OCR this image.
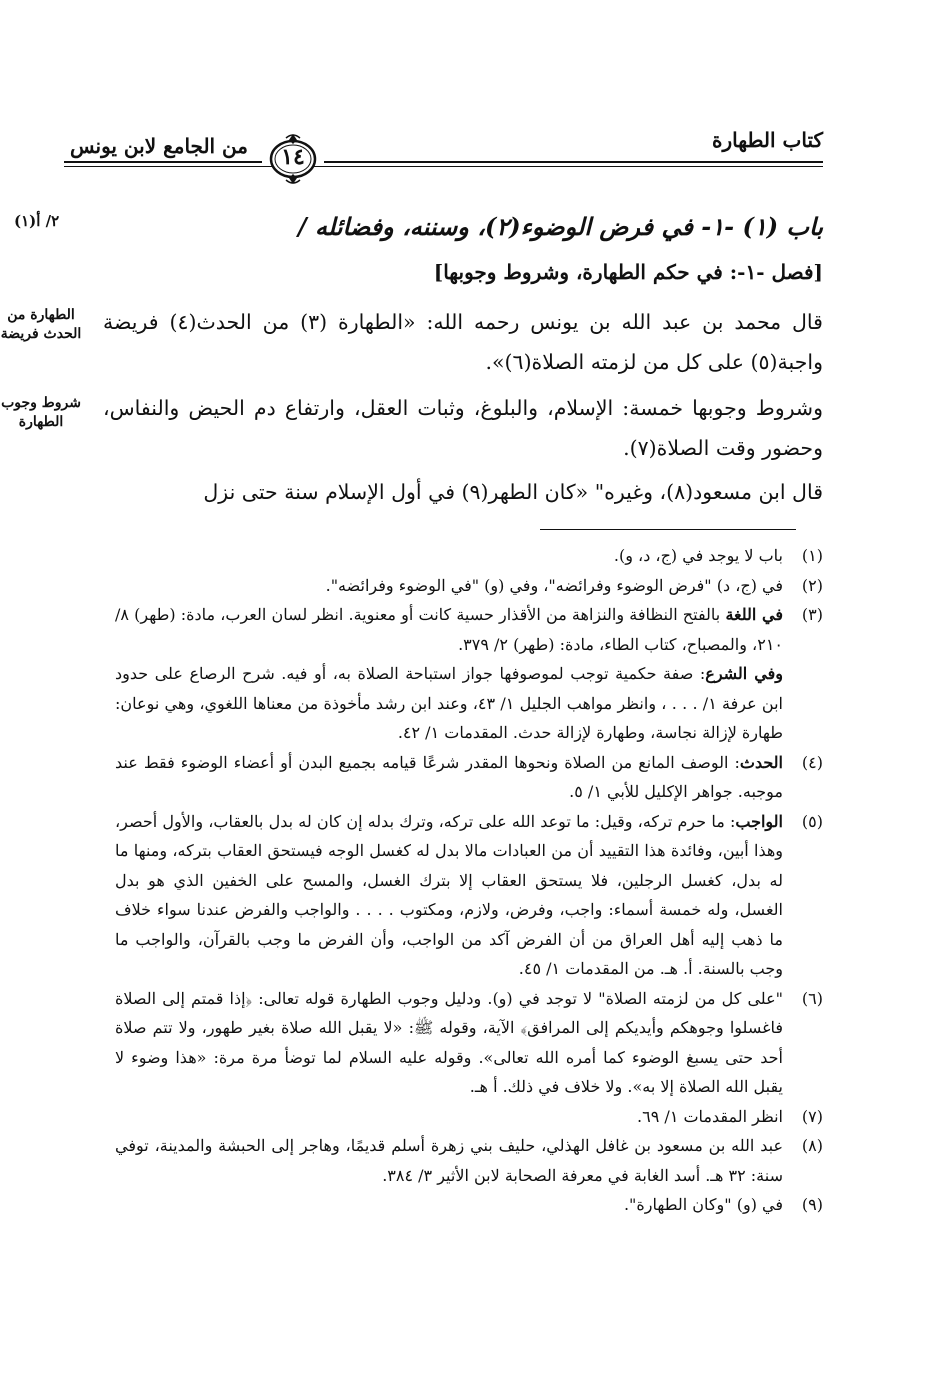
كتاب الطهارة
من الجامع لابن يونس	١٤
٢/ أ(١)
الطهارة من الحدث فريضة
شروط وجوب الطهارة
باب (١) -١- في فرض الوضوء(٢)، وسننه، وفضائله /
[فصل -١-: في حكم الطهارة، وشروط وجوبها]
قال محمد بن عبد الله بن يونس رحمه الله: «الطهارة (٣) من الحدث(٤) فريضة واجبة(٥) على كل من لزمته الصلاة(٦)».
وشروط وجوبها خمسة: الإسلام، والبلوغ، وثبات العقل، وارتفاع دم الحيض والنفاس، وحضور وقت الصلاة(٧).
قال ابن مسعود(٨)، وغيره" «كان الطهر(٩) في أول الإسلام سنة حتى نزل
(١)
باب لا يوجد في (ج، د، و).
(٢)
في (ج، د) "فرض الوضوء وفرائضه"، وفي (و) "في الوضوء وفرائضه".
(٣)
في اللغة بالفتح النظافة والنزاهة من الأقذار حسية كانت أو معنوية. انظر لسان العرب، مادة: (طهر) ٨/ ٢١٠، والمصباح، كتاب الطاء، مادة: (طهر) ٢/ ٣٧٩.
وفي الشرع: صفة حكمية توجب لموصوفها جواز استباحة الصلاة به، أو فيه. شرح الرصاع على حدود ابن عرفة ١/ . . . ، وانظر مواهب الجليل ١/ ٤٣، وعند ابن رشد مأخوذة من معناها اللغوي، وهي نوعان: طهارة لإزالة نجاسة، وطهارة لإزالة حدث. المقدمات ١/ ٤٢.
(٤)
الحدث: الوصف المانع من الصلاة ونحوها المقدر شرعًا قيامه بجميع البدن أو أعضاء الوضوء فقط عند موجبه. جواهر الإكليل للأبي ١/ ٥.
(٥)
الواجب: ما حرم تركه، وقيل: ما توعد الله على تركه، وترك بدله إن كان له بدل بالعقاب، والأول أحصر، وهذا أبين، وفائدة هذا التقييد أن من العبادات مالا بدل له كغسل الوجه فيستحق العقاب بتركه، ومنها ما له بدل، كغسل الرجلين، فلا يستحق العقاب إلا بترك الغسل، والمسح على الخفين الذي هو بدل الغسل، وله خمسة أسماء: واجب، وفرض، ولازم، ومكتوب . . . . والواجب والفرض عندنا سواء خلاف ما ذهب إليه أهل العراق من أن الفرض آكد من الواجب، وأن الفرض ما وجب بالقرآن، والواجب ما وجب بالسنة. أ. هـ. من المقدمات ١/ ٤٥.
(٦)
"على كل من لزمته الصلاة" لا توجد في (و). ودليل وجوب الطهارة قوله تعالى: ﴿إذا قمتم إلى الصلاة فاغسلوا وجوهكم وأيديكم إلى المرافق﴾ الآية، وقوله ﷺ: «لا يقبل الله صلاة بغير طهور، ولا تتم صلاة أحد حتى يسبغ الوضوء كما أمره الله تعالى». وقوله عليه السلام لما توضأ مرة مرة: «هذا وضوء لا يقبل الله الصلاة إلا به». ولا خلاف في ذلك. أ هـ.
(٧)
انظر المقدمات ١/ ٦٩.
(٨)
عبد الله بن مسعود بن غافل الهذلي، حليف بني زهرة أسلم قديمًا، وهاجر إلى الحبشة والمدينة، توفي سنة: ٣٢ هـ. أسد الغابة في معرفة الصحابة لابن الأثير ٣/ ٣٨٤.
(٩)
في (و) "وكان الطهارة".
